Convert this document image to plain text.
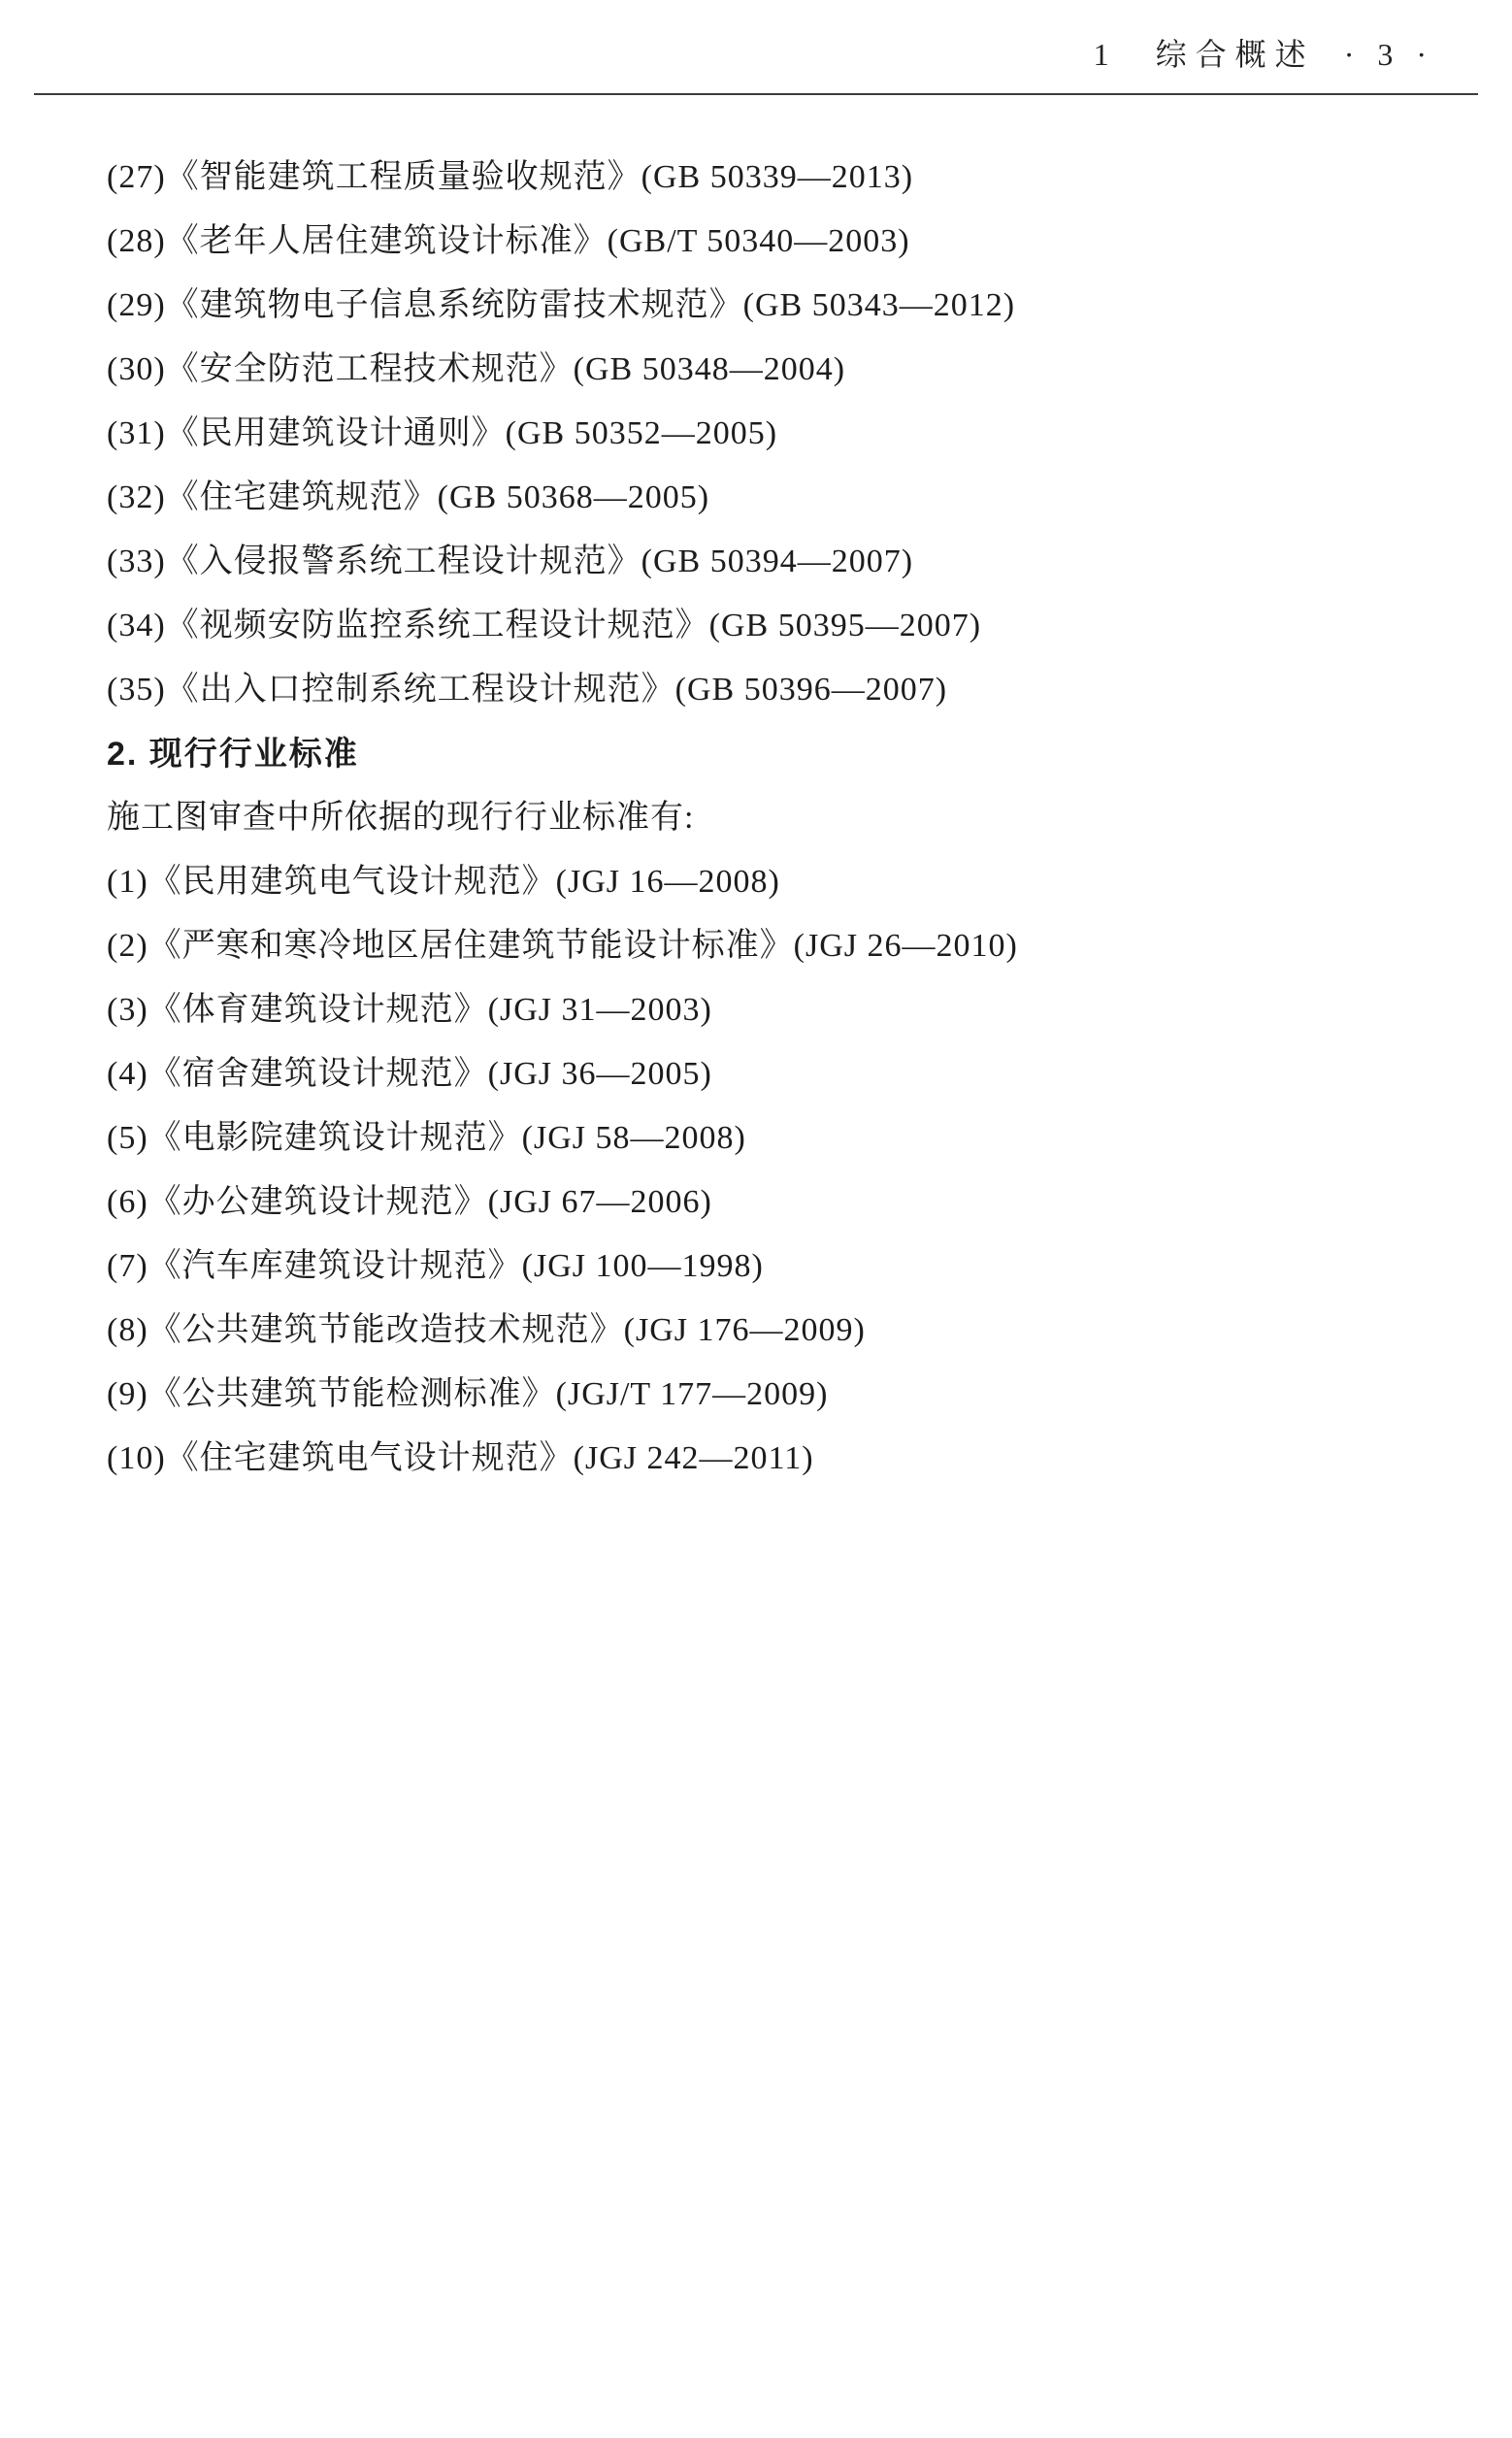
1 综合概述 · 3 ·
(27)《智能建筑工程质量验收规范》(GB 50339—2013)
(28)《老年人居住建筑设计标准》(GB/T 50340—2003)
(29)《建筑物电子信息系统防雷技术规范》(GB 50343—2012)
(30)《安全防范工程技术规范》(GB 50348—2004)
(31)《民用建筑设计通则》(GB 50352—2005)
(32)《住宅建筑规范》(GB 50368—2005)
(33)《入侵报警系统工程设计规范》(GB 50394—2007)
(34)《视频安防监控系统工程设计规范》(GB 50395—2007)
(35)《出入口控制系统工程设计规范》(GB 50396—2007)
2. 现行行业标准
施工图审查中所依据的现行行业标准有:
(1)《民用建筑电气设计规范》(JGJ 16—2008)
(2)《严寒和寒冷地区居住建筑节能设计标准》(JGJ 26—2010)
(3)《体育建筑设计规范》(JGJ 31—2003)
(4)《宿舍建筑设计规范》(JGJ 36—2005)
(5)《电影院建筑设计规范》(JGJ 58—2008)
(6)《办公建筑设计规范》(JGJ 67—2006)
(7)《汽车库建筑设计规范》(JGJ 100—1998)
(8)《公共建筑节能改造技术规范》(JGJ 176—2009)
(9)《公共建筑节能检测标准》(JGJ/T 177—2009)
(10)《住宅建筑电气设计规范》(JGJ 242—2011)
